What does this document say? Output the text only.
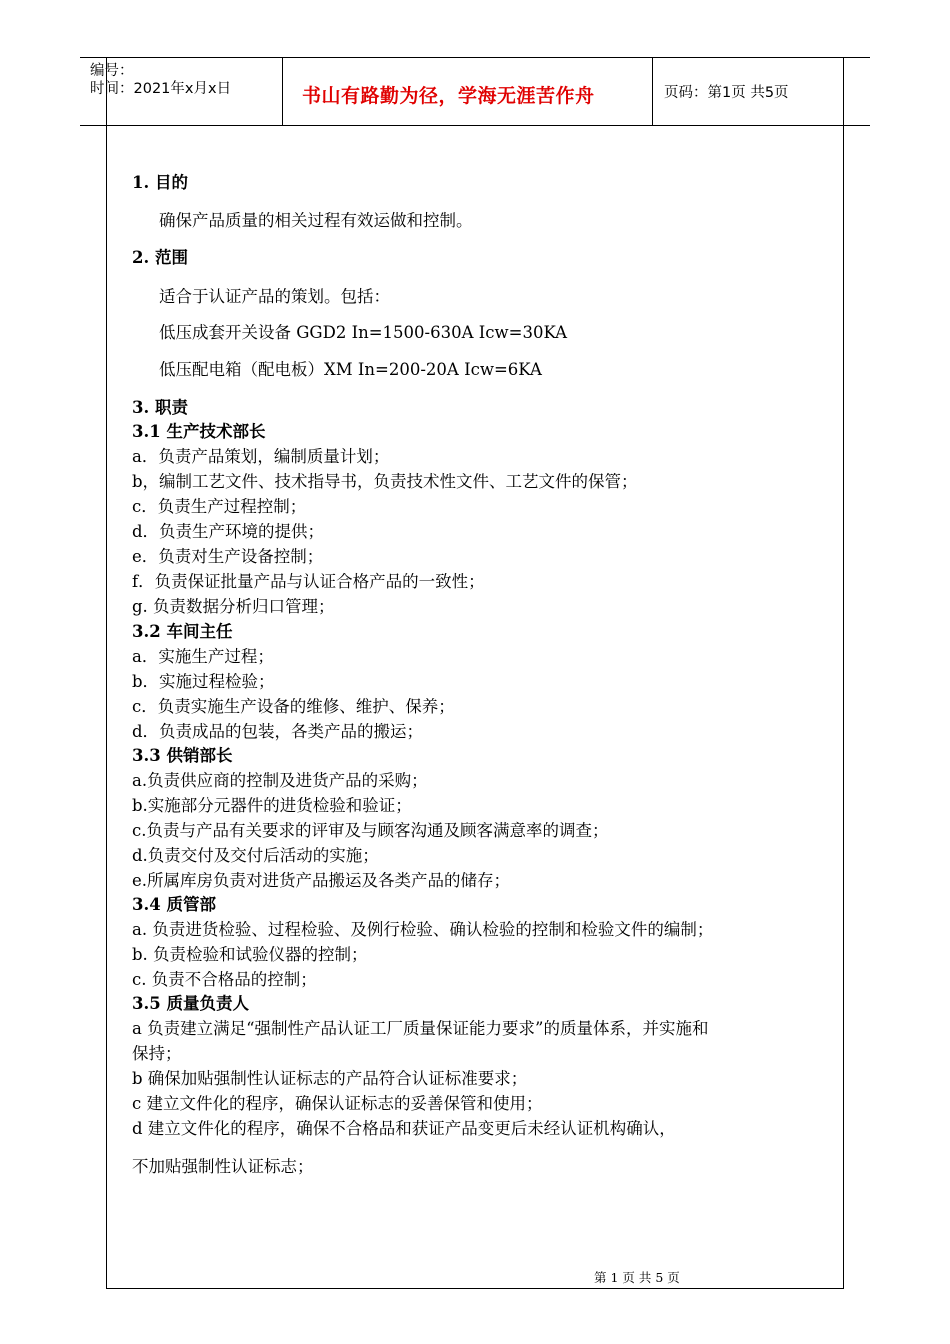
编号：
时间：2021年x月x日	书山有路勤为径，学海无涯苦作舟	页码：第1页 共5页
1. 目的
确保产品质量的相关过程有效运做和控制。
2. 范围
适合于认证产品的策划。包括：
低压成套开关设备 GGD2 In=1500-630A Icw=30KA
低压配电箱（配电板）XM In=200-20A Icw=6KA
3. 职责
3.1 生产技术部长
a．负责产品策划，编制质量计划；
b，编制工艺文件、技术指导书，负责技术性文件、工艺文件的保管；
c．负责生产过程控制；
d．负责生产环境的提供；
e．负责对生产设备控制；
f．负责保证批量产品与认证合格产品的一致性；
g. 负责数据分析归口管理；
3.2 车间主任
a．实施生产过程；
b．实施过程检验；
c．负责实施生产设备的维修、维护、保养；
d．负责成品的包装，各类产品的搬运；
3.3 供销部长
a.负责供应商的控制及进货产品的采购；
b.实施部分元器件的进货检验和验证；
c.负责与产品有关要求的评审及与顾客沟通及顾客满意率的调查；
d.负责交付及交付后活动的实施；
e.所属库房负责对进货产品搬运及各类产品的储存；
3.4 质管部
a. 负责进货检验、过程检验、及例行检验、确认检验的控制和检验文件的编制；
b. 负责检验和试验仪器的控制；
c. 负责不合格品的控制；
3.5 质量负责人
a 负责建立满足“强制性产品认证工厂质量保证能力要求”的质量体系，并实施和
保持；
b 确保加贴强制性认证标志的产品符合认证标准要求；
c 建立文件化的程序，确保认证标志的妥善保管和使用；
d 建立文件化的程序，确保不合格品和获证产品变更后未经认证机构确认，
不加贴强制性认证标志；
第 1 页 共 5 页
